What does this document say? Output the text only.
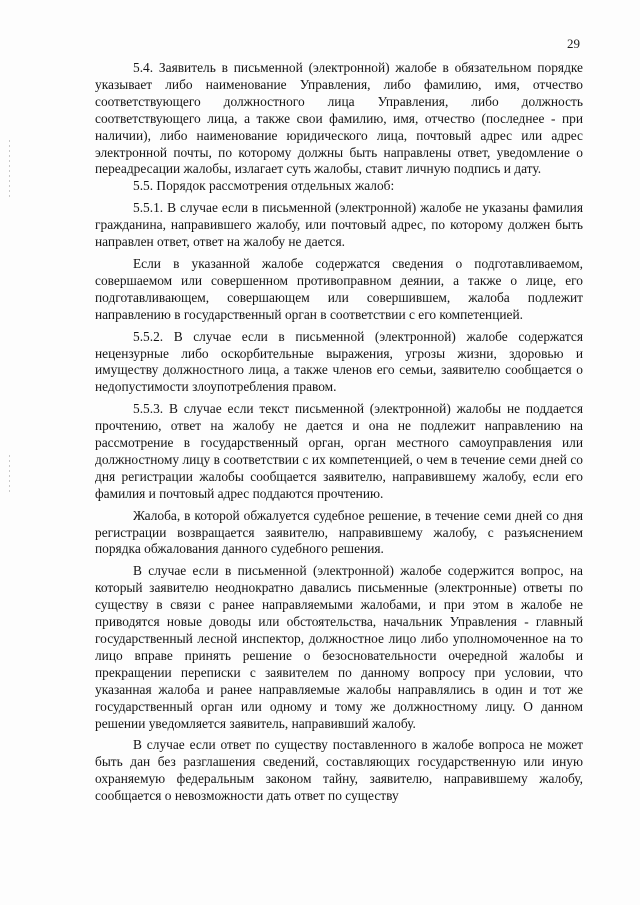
29

5.4. Заявитель в письменной (электронной) жалобе в обязательном порядке указывает либо наименование Управления, либо фамилию, имя, отчество соответствующего должностного лица Управления, либо должность соответствующего лица, а также свои фамилию, имя, отчество (последнее - при наличии), либо наименование юридического лица, почтовый адрес или адрес электронной почты, по которому должны быть направлены ответ, уведомление о переадресации жалобы, излагает суть жалобы, ставит личную подпись и дату.

5.5. Порядок рассмотрения отдельных жалоб:

5.5.1. В случае если в письменной (электронной) жалобе не указаны фамилия гражданина, направившего жалобу, или почтовый адрес, по которому должен быть направлен ответ, ответ на жалобу не дается.

Если в указанной жалобе содержатся сведения о подготавливаемом, совершаемом или совершенном противоправном деянии, а также о лице, его подготавливающем, совершающем или совершившем, жалоба подлежит направлению в государственный орган в соответствии с его компетенцией.

5.5.2. В случае если в письменной (электронной) жалобе содержатся нецензурные либо оскорбительные выражения, угрозы жизни, здоровью и имуществу должностного лица, а также членов его семьи, заявителю сообщается о недопустимости злоупотребления правом.

5.5.3. В случае если текст письменной (электронной) жалобы не поддается прочтению, ответ на жалобу не дается и она не подлежит направлению на рассмотрение в государственный орган, орган местного самоуправления или должностному лицу в соответствии с их компетенцией, о чем в течение семи дней со дня регистрации жалобы сообщается заявителю, направившему жалобу, если его фамилия и почтовый адрес поддаются прочтению.

Жалоба, в которой обжалуется судебное решение, в течение семи дней со дня регистрации возвращается заявителю, направившему жалобу, с разъяснением порядка обжалования данного судебного решения.

В случае если в письменной (электронной) жалобе содержится вопрос, на который заявителю неоднократно давались письменные (электронные) ответы по существу в связи с ранее направляемыми жалобами, и при этом в жалобе не приводятся новые доводы или обстоятельства, начальник Управления - главный государственный лесной инспектор, должностное лицо либо уполномоченное на то лицо вправе принять решение о безосновательности очередной жалобы и прекращении переписки с заявителем по данному вопросу при условии, что указанная жалоба и ранее направляемые жалобы направлялись в один и тот же государственный орган или одному и тому же должностному лицу. О данном решении уведомляется заявитель, направивший жалобу.

В случае если ответ по существу поставленного в жалобе вопроса не может быть дан без разглашения сведений, составляющих государственную или иную охраняемую федеральным законом тайну, заявителю, направившему жалобу, сообщается о невозможности дать ответ по существу
